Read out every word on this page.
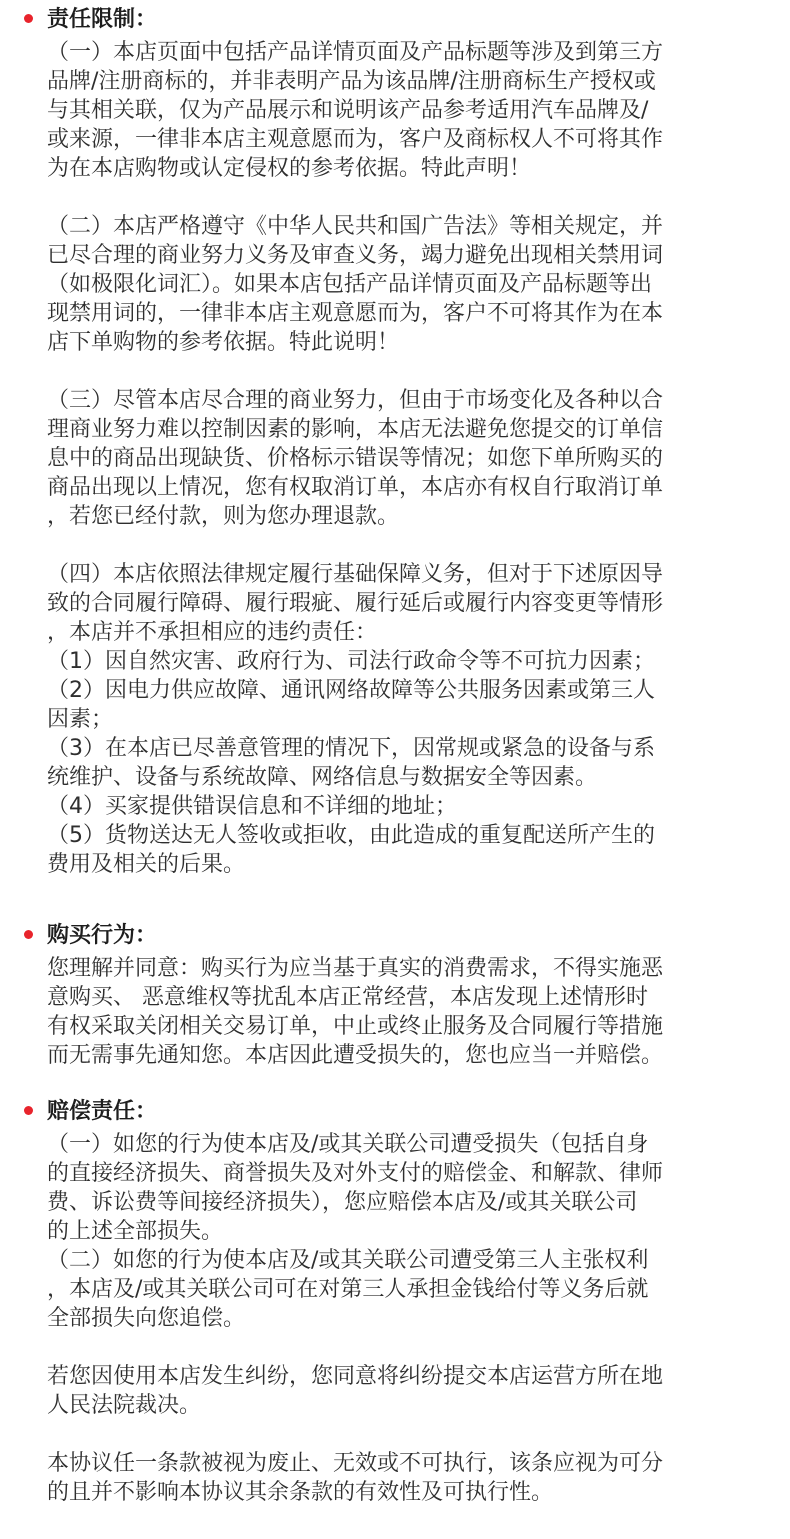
责任限制：
（一）本店页面中包括产品详情页面及产品标题等涉及到第三方
品牌/注册商标的，并非表明产品为该品牌/注册商标生产授权或
与其相关联，仅为产品展示和说明该产品参考适用汽车品牌及/
或来源，一律非本店主观意愿而为，客户及商标权人不可将其作
为在本店购物或认定侵权的参考依据。特此声明！
（二）本店严格遵守《中华人民共和国广告法》等相关规定，并
已尽合理的商业努力义务及审查义务，竭力避免出现相关禁用词
（如极限化词汇）。如果本店包括产品详情页面及产品标题等出
现禁用词的，一律非本店主观意愿而为，客户不可将其作为在本
店下单购物的参考依据。特此说明！
（三）尽管本店尽合理的商业努力，但由于市场变化及各种以合
理商业努力难以控制因素的影响，本店无法避免您提交的订单信
息中的商品出现缺货、价格标示错误等情况；如您下单所购买的
商品出现以上情况，您有权取消订单，本店亦有权自行取消订单
，若您已经付款，则为您办理退款。
（四）本店依照法律规定履行基础保障义务，但对于下述原因导
致的合同履行障碍、履行瑕疵、履行延后或履行内容变更等情形
，本店并不承担相应的违约责任：
（1）因自然灾害、政府行为、司法行政命令等不可抗力因素；
（2）因电力供应故障、通讯网络故障等公共服务因素或第三人
因素；
（3）在本店已尽善意管理的情况下，因常规或紧急的设备与系
统维护、设备与系统故障、网络信息与数据安全等因素。
（4）买家提供错误信息和不详细的地址；
（5）货物送达无人签收或拒收，由此造成的重复配送所产生的
费用及相关的后果。
购买行为：
您理解并同意：购买行为应当基于真实的消费需求，不得实施恶
意购买、 恶意维权等扰乱本店正常经营，本店发现上述情形时
有权采取关闭相关交易订单，中止或终止服务及合同履行等措施
而无需事先通知您。本店因此遭受损失的，您也应当一并赔偿。
赔偿责任：
（一）如您的行为使本店及/或其关联公司遭受损失（包括自身
的直接经济损失、商誉损失及对外支付的赔偿金、和解款、律师
费、诉讼费等间接经济损失），您应赔偿本店及/或其关联公司
的上述全部损失。
（二）如您的行为使本店及/或其关联公司遭受第三人主张权利
，本店及/或其关联公司可在对第三人承担金钱给付等义务后就
全部损失向您追偿。
若您因使用本店发生纠纷，您同意将纠纷提交本店运营方所在地
人民法院裁决。
本协议任一条款被视为废止、无效或不可执行，该条应视为可分
的且并不影响本协议其余条款的有效性及可执行性。
